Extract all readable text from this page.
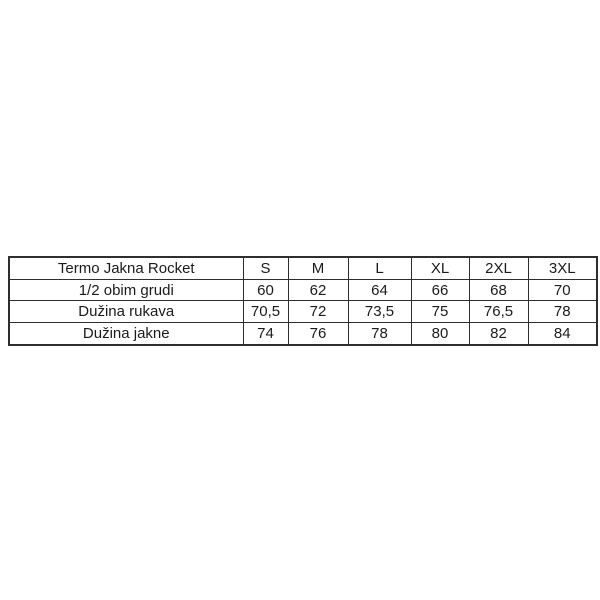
Termo Jakna Rocket	S	M	L	XL	2XL	3XL
1/2 obim grudi	60	62	64	66	68	70
Dužina rukava	70,5	72	73,5	75	76,5	78
Dužina jakne	74	76	78	80	82	84
